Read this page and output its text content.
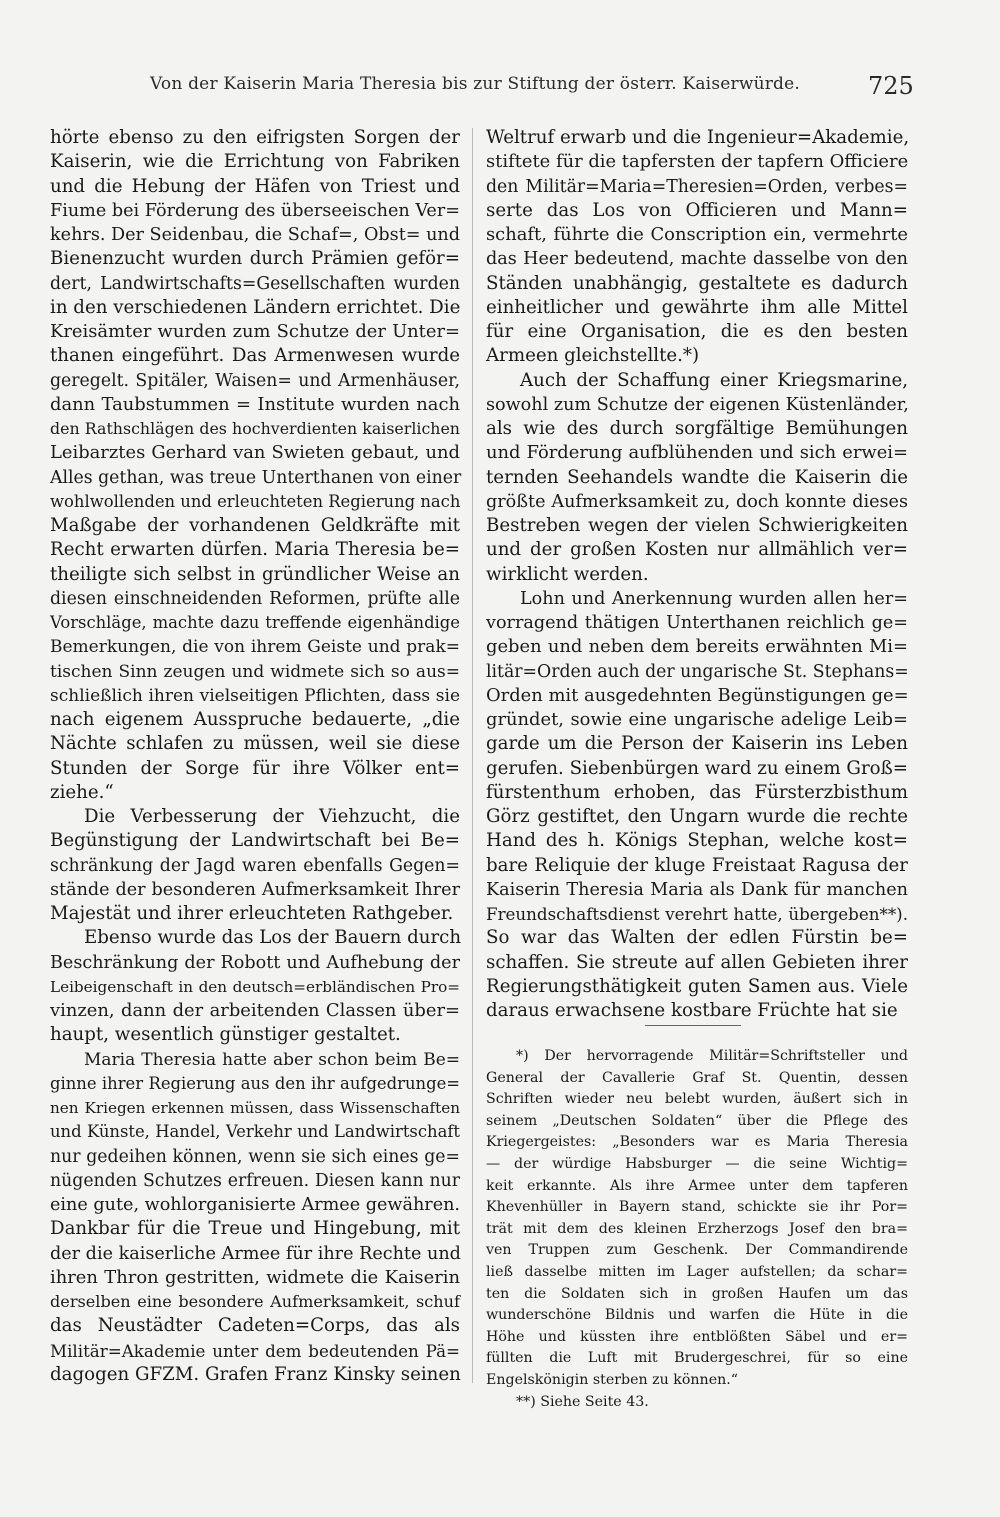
Von der Kaiserin Maria Theresia bis zur Stiftung der österr. Kaiserwürde.	725
hörte ebenso zu den eifrigsten Sorgen der
Kaiserin, wie die Errichtung von Fabriken
und die Hebung der Häfen von Triest und
Fiume bei Förderung des überseeischen Ver=
kehrs. Der Seidenbau, die Schaf=, Obst= und
Bienenzucht wurden durch Prämien geför=
dert, Landwirtschafts=Gesellschaften wurden
in den verschiedenen Ländern errichtet. Die
Kreisämter wurden zum Schutze der Unter=
thanen eingeführt. Das Armenwesen wurde
geregelt. Spitäler, Waisen= und Armenhäuser,
dann Taubstummen = Institute wurden nach
den Rathschlägen des hochverdienten kaiserlichen
Leibarztes Gerhard van Swieten gebaut, und
Alles gethan, was treue Unterthanen von einer
wohlwollenden und erleuchteten Regierung nach
Maßgabe der vorhandenen Geldkräfte mit
Recht erwarten dürfen. Maria Theresia be=
theiligte sich selbst in gründlicher Weise an
diesen einschneidenden Reformen, prüfte alle
Vorschläge, machte dazu treffende eigenhändige
Bemerkungen, die von ihrem Geiste und prak=
tischen Sinn zeugen und widmete sich so aus=
schließlich ihren vielseitigen Pflichten, dass sie
nach eigenem Ausspruche bedauerte, „die
Nächte schlafen zu müssen, weil sie diese
Stunden der Sorge für ihre Völker ent=
ziehe.“
Die Verbesserung der Viehzucht, die
Begünstigung der Landwirtschaft bei Be=
schränkung der Jagd waren ebenfalls Gegen=
stände der besonderen Aufmerksamkeit Ihrer
Majestät und ihrer erleuchteten Rathgeber.
Ebenso wurde das Los der Bauern durch
Beschränkung der Robott und Aufhebung der
Leibeigenschaft in den deutsch=erbländischen Pro=
vinzen, dann der arbeitenden Classen über=
haupt, wesentlich günstiger gestaltet.
Maria Theresia hatte aber schon beim Be=
ginne ihrer Regierung aus den ihr aufgedrunge=
nen Kriegen erkennen müssen, dass Wissenschaften
und Künste, Handel, Verkehr und Landwirtschaft
nur gedeihen können, wenn sie sich eines ge=
nügenden Schutzes erfreuen. Diesen kann nur
eine gute, wohlorganisierte Armee gewähren.
Dankbar für die Treue und Hingebung, mit
der die kaiserliche Armee für ihre Rechte und
ihren Thron gestritten, widmete die Kaiserin
derselben eine besondere Aufmerksamkeit, schuf
das Neustädter Cadeten=Corps, das als
Militär=Akademie unter dem bedeutenden Pä=
dagogen GFZM. Grafen Franz Kinsky seinen
Weltruf erwarb und die Ingenieur=Akademie,
stiftete für die tapfersten der tapfern Officiere
den Militär=Maria=Theresien=Orden, verbes=
serte das Los von Officieren und Mann=
schaft, führte die Conscription ein, vermehrte
das Heer bedeutend, machte dasselbe von den
Ständen unabhängig, gestaltete es dadurch
einheitlicher und gewährte ihm alle Mittel
für eine Organisation, die es den besten
Armeen gleichstellte.*)
Auch der Schaffung einer Kriegsmarine,
sowohl zum Schutze der eigenen Küstenländer,
als wie des durch sorgfältige Bemühungen
und Förderung aufblühenden und sich erwei=
ternden Seehandels wandte die Kaiserin die
größte Aufmerksamkeit zu, doch konnte dieses
Bestreben wegen der vielen Schwierigkeiten
und der großen Kosten nur allmählich ver=
wirklicht werden.
Lohn und Anerkennung wurden allen her=
vorragend thätigen Unterthanen reichlich ge=
geben und neben dem bereits erwähnten Mi=
litär=Orden auch der ungarische St. Stephans=
Orden mit ausgedehnten Begünstigungen ge=
gründet, sowie eine ungarische adelige Leib=
garde um die Person der Kaiserin ins Leben
gerufen. Siebenbürgen ward zu einem Groß=
fürstenthum erhoben, das Fürsterzbisthum
Görz gestiftet, den Ungarn wurde die rechte
Hand des h. Königs Stephan, welche kost=
bare Reliquie der kluge Freistaat Ragusa der
Kaiserin Theresia Maria als Dank für manchen
Freundschaftsdienst verehrt hatte, übergeben**).
So war das Walten der edlen Fürstin be=
schaffen. Sie streute auf allen Gebieten ihrer
Regierungsthätigkeit guten Samen aus. Viele
daraus erwachsene kostbare Früchte hat sie
*) Der hervorragende Militär=Schriftsteller und
General der Cavallerie Graf St. Quentin, dessen
Schriften wieder neu belebt wurden, äußert sich in
seinem „Deutschen Soldaten“ über die Pflege des
Kriegergeistes: „Besonders war es Maria Theresia
— der würdige Habsburger — die seine Wichtig=
keit erkannte. Als ihre Armee unter dem tapferen
Khevenhüller in Bayern stand, schickte sie ihr Por=
trät mit dem des kleinen Erzherzogs Josef den bra=
ven Truppen zum Geschenk. Der Commandirende
ließ dasselbe mitten im Lager aufstellen; da schar=
ten die Soldaten sich in großen Haufen um das
wunderschöne Bildnis und warfen die Hüte in die
Höhe und küssten ihre entblößten Säbel und er=
füllten die Luft mit Brudergeschrei, für so eine
Engelskönigin sterben zu können.“
**) Siehe Seite 43.
